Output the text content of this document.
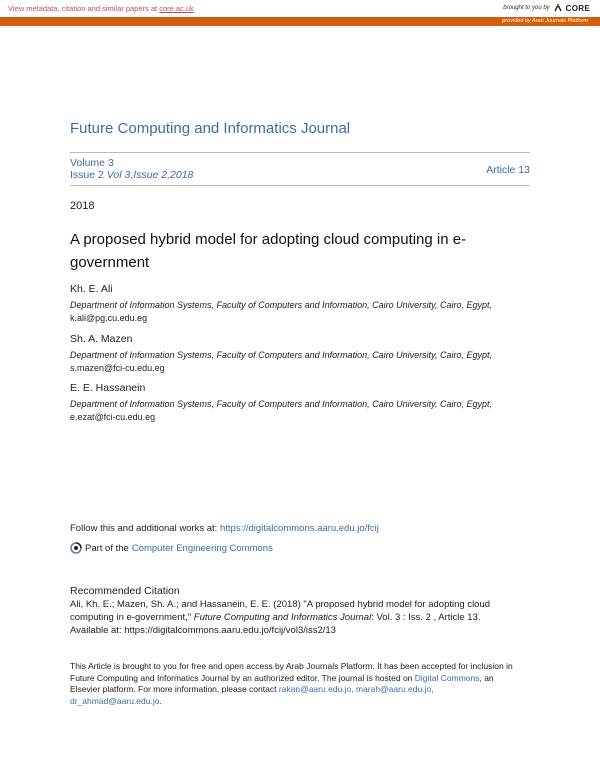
View metadata, citation and similar papers at core.ac.uk	brought to you by CORE
provided by Arab Journals Platform
Future Computing and Informatics Journal
Volume 3
Issue 2 Vol 3,Issue 2,2018	Article 13
2018
A proposed hybrid model for adopting cloud computing in e-government
Kh. E. Ali
Department of Information Systems, Faculty of Computers and Information, Cairo University, Cairo, Egypt,
k.ali@pg.cu.edu.eg
Sh. A. Mazen
Department of Information Systems, Faculty of Computers and Information, Cairo University, Cairo, Egypt,
s.mazen@fci-cu.edu.eg
E. E. Hassanein
Department of Information Systems, Faculty of Computers and Information, Cairo University, Cairo, Egypt,
e.ezat@fci-cu.edu.eg
Follow this and additional works at: https://digitalcommons.aaru.edu.jo/fcij
Part of the Computer Engineering Commons
Recommended Citation
Ali, Kh. E.; Mazen, Sh. A.; and Hassanein, E. E. (2018) "A proposed hybrid model for adopting cloud computing in e-government," Future Computing and Informatics Journal: Vol. 3 : Iss. 2 , Article 13.
Available at: https://digitalcommons.aaru.edu.jo/fcij/vol3/iss2/13
This Article is brought to you for free and open access by Arab Journals Platform. It has been accepted for inclusion in Future Computing and Informatics Journal by an authorized editor. The journal is hosted on Digital Commons, an Elsevier platform. For more information, please contact rakan@aaru.edu.jo, marah@aaru.edu.jo, dr_ahmad@aaru.edu.jo.
